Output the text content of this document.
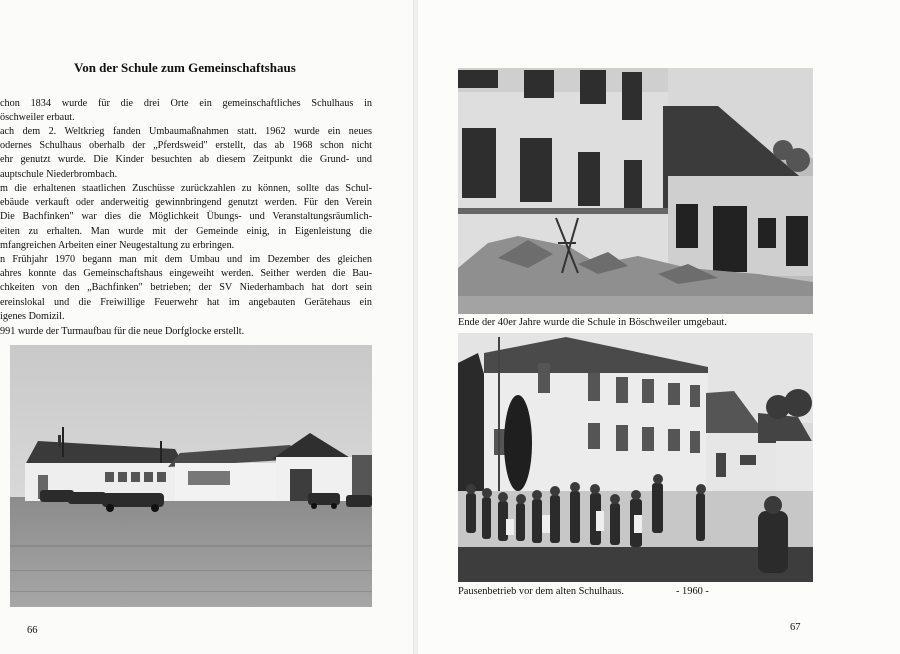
Von der Schule zum Gemeinschaftshaus
chon 1834 wurde für die drei Orte ein gemeinschaftliches Schulhaus in
öschweiler erbaut.
ach dem 2. Weltkrieg fanden Umbaumaßnahmen statt. 1962 wurde ein neues
odernes Schulhaus oberhalb der „Pferdsweid" erstellt, das ab 1968 schon nicht
ehr genutzt wurde. Die Kinder besuchten ab diesem Zeitpunkt die Grund- und
auptschule Niederbrombach.
m die erhaltenen staatlichen Zuschüsse zurückzahlen zu können, sollte das Schul-
ebäude verkauft oder anderweitig gewinnbringend genutzt werden. Für den Verein
Die Bachfinken" war dies die Möglichkeit Übungs- und Veranstaltungsräumlich-
eiten zu erhalten. Man wurde mit der Gemeinde einig, in Eigenleistung die
mfangreichen Arbeiten einer Neugestaltung zu erbringen.
n Frühjahr 1970 begann man mit dem Umbau und im Dezember des gleichen
ahres konnte das Gemeinschaftshaus eingeweiht werden. Seither werden die Bau-
chkeiten von den „Bachfinken" betrieben; der SV Niederhambach hat dort sein
ereinslokal und die Freiwillige Feuerwehr hat im angebauten Gerätehaus ein
igenes Domizil.
991 wurde der Turmaufbau für die neue Dorfglocke erstellt.
66
Ende der 40er Jahre wurde die Schule in Böschweiler umgebaut.
Pausenbetrieb vor dem alten Schulhaus.	- 1960 -
67
